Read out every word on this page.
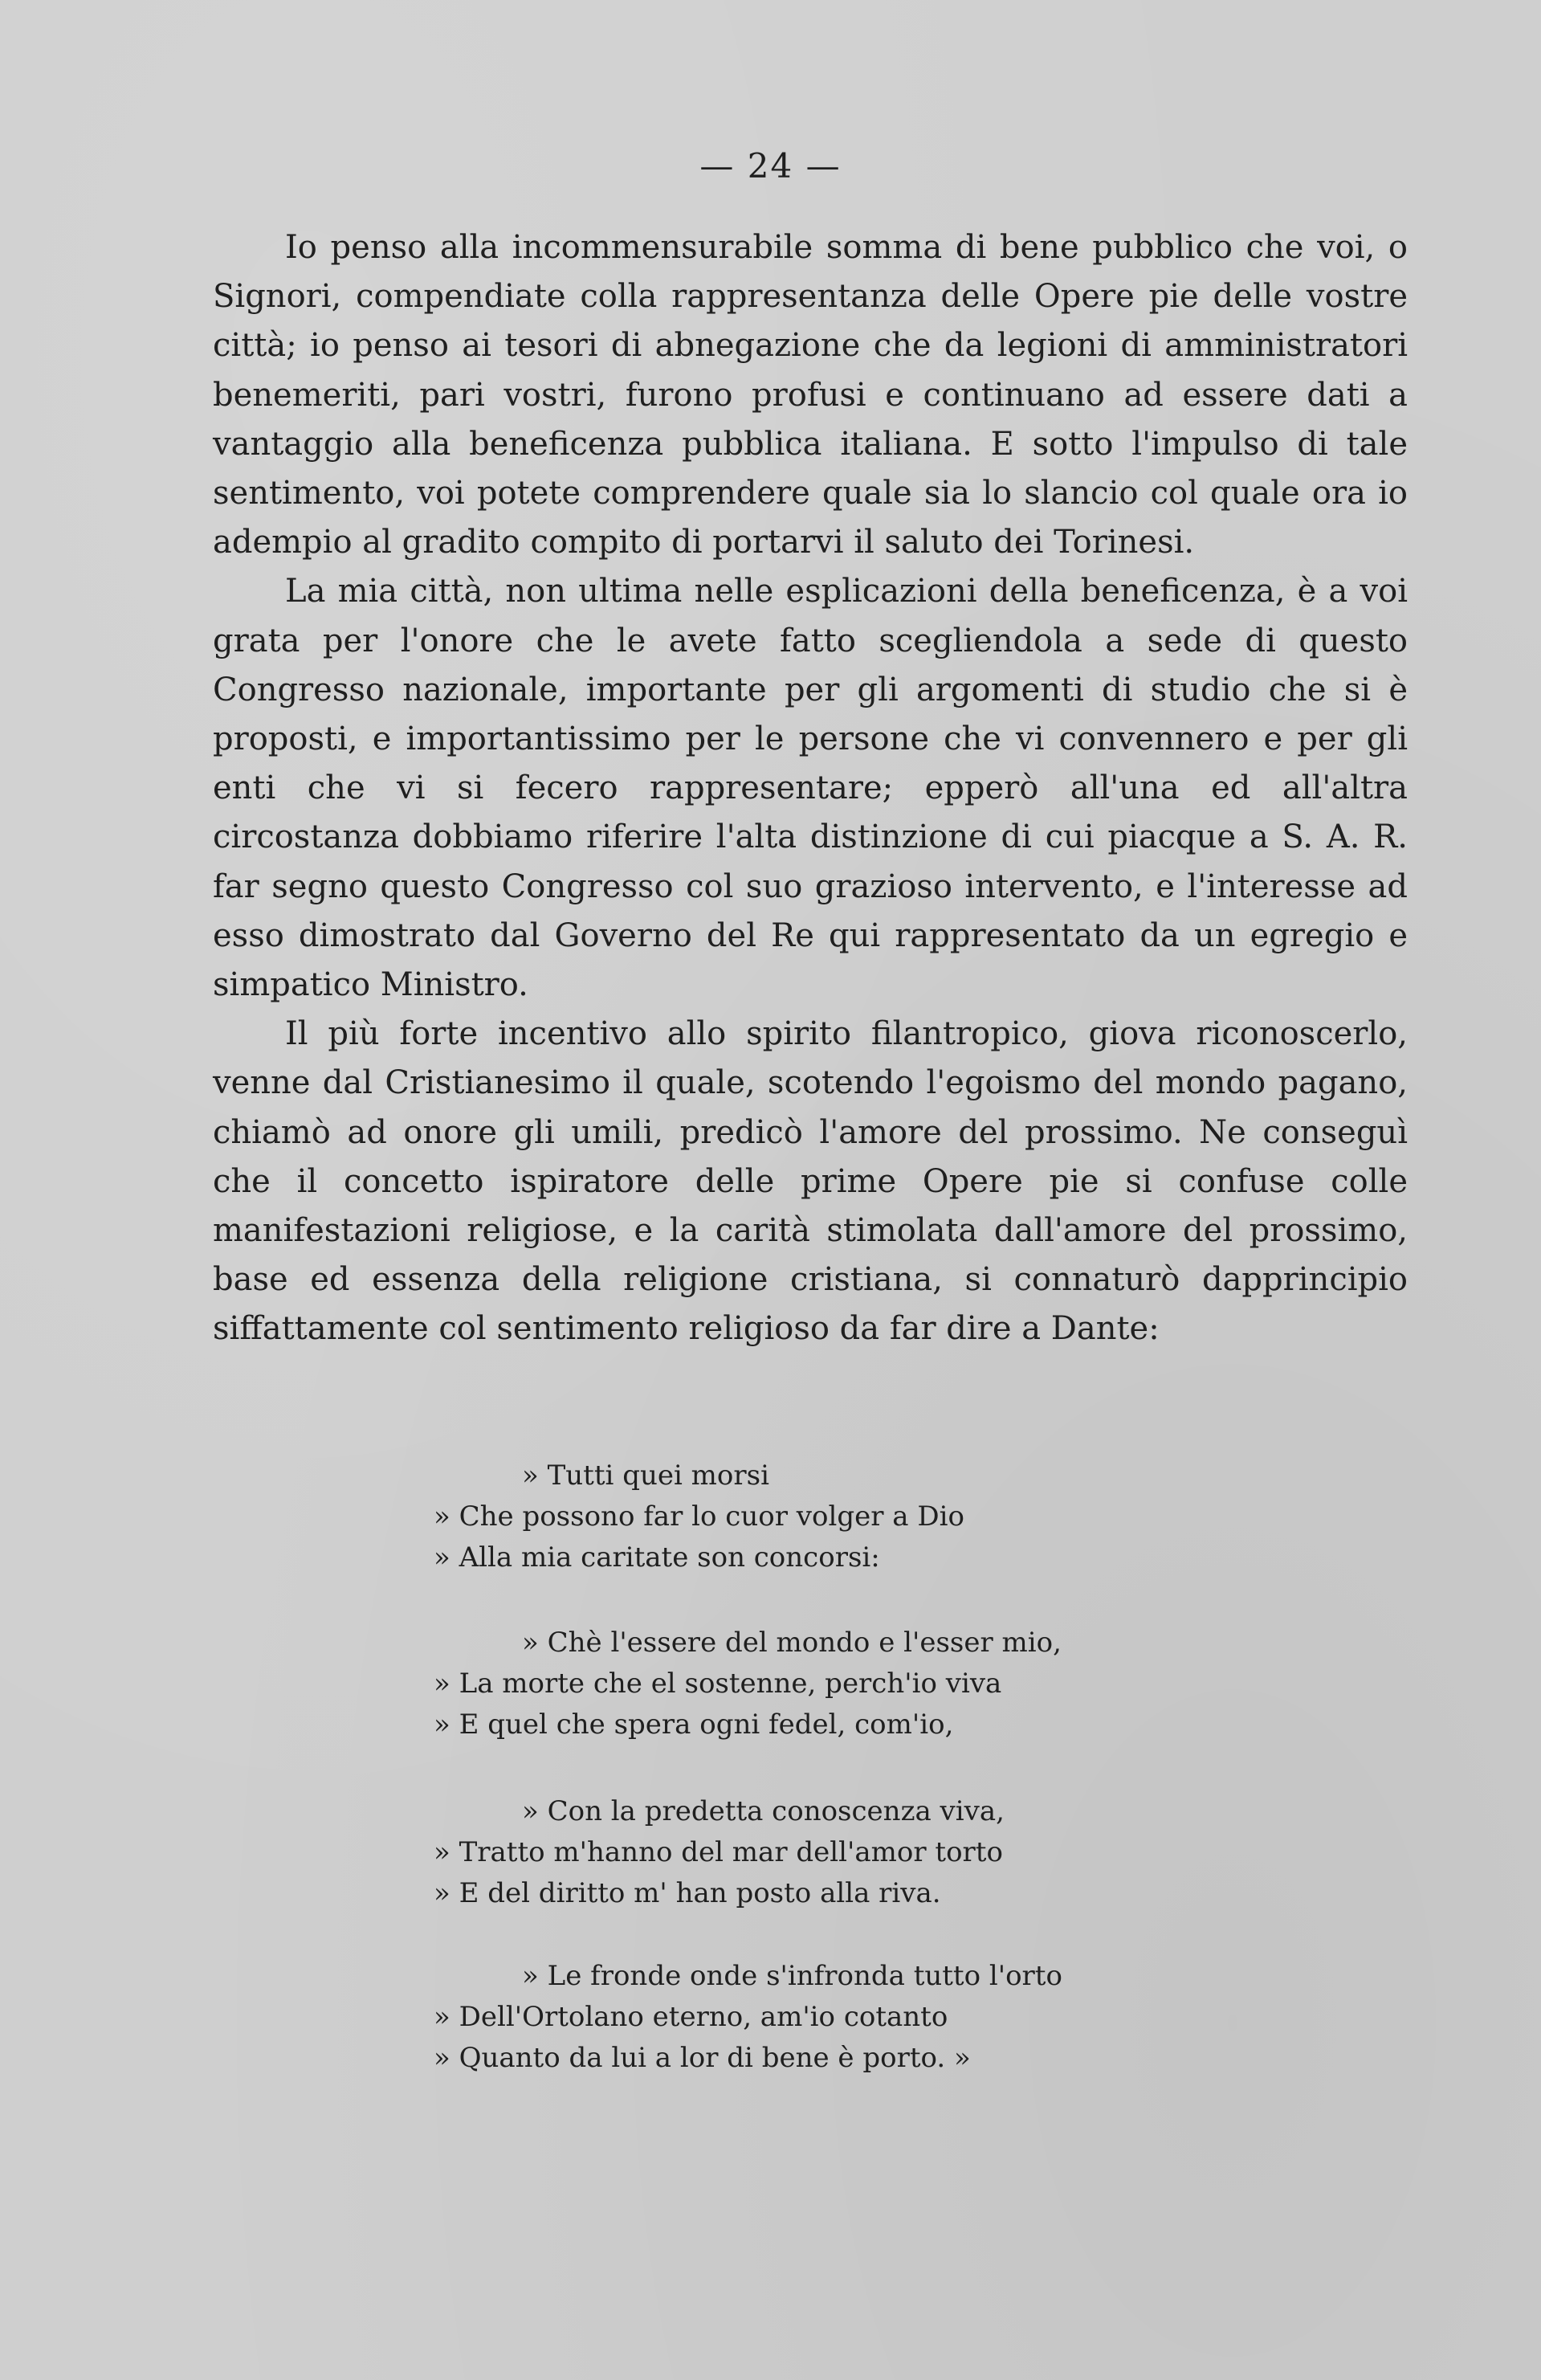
— 24 —

Io penso alla incommensurabile somma di bene pubblico che voi, o Signori, compendiate colla rappresentanza delle Opere pie delle vostre città; io penso ai tesori di abnegazione che da legioni di amministratori benemeriti, pari vostri, furono profusi e continuano ad essere dati a vantaggio alla beneficenza pubblica italiana. E sotto l'impulso di tale sentimento, voi potete comprendere quale sia lo slancio col quale ora io adempio al gradito compito di portarvi il saluto dei Torinesi.

La mia città, non ultima nelle esplicazioni della beneficenza, è a voi grata per l'onore che le avete fatto scegliendola a sede di questo Congresso nazionale, importante per gli argomenti di studio che si è proposti, e importantissimo per le persone che vi convennero e per gli enti che vi si fecero rappresentare; epperò all'una ed all'altra circostanza dobbiamo riferire l'alta distinzione di cui piacque a S. A. R. far segno questo Congresso col suo grazioso intervento, e l'interesse ad esso dimostrato dal Governo del Re qui rappresentato da un egregio e simpatico Ministro.

Il più forte incentivo allo spirito filantropico, giova riconoscerlo, venne dal Cristianesimo il quale, scotendo l'egoismo del mondo pagano, chiamò ad onore gli umili, predicò l'amore del prossimo. Ne conseguì che il concetto ispiratore delle prime Opere pie si confuse colle manifestazioni religiose, e la carità stimolata dall'amore del prossimo, base ed essenza della religione cristiana, si connaturò dapprincipio siffattamente col sentimento religioso da far dire a Dante:

» Tutti quei morsi
» Che possono far lo cuor volger a Dio
» Alla mia caritate son concorsi:
» Chè l'essere del mondo e l'esser mio,
» La morte che el sostenne, perch'io viva
» E quel che spera ogni fedel, com'io,
» Con la predetta conoscenza viva,
» Tratto m'hanno del mar dell'amor torto
» E del diritto m' han posto alla riva.
» Le fronde onde s'infronda tutto l'orto
» Dell'Ortolano eterno, am'io cotanto
» Quanto da lui a lor di bene è porto. »
